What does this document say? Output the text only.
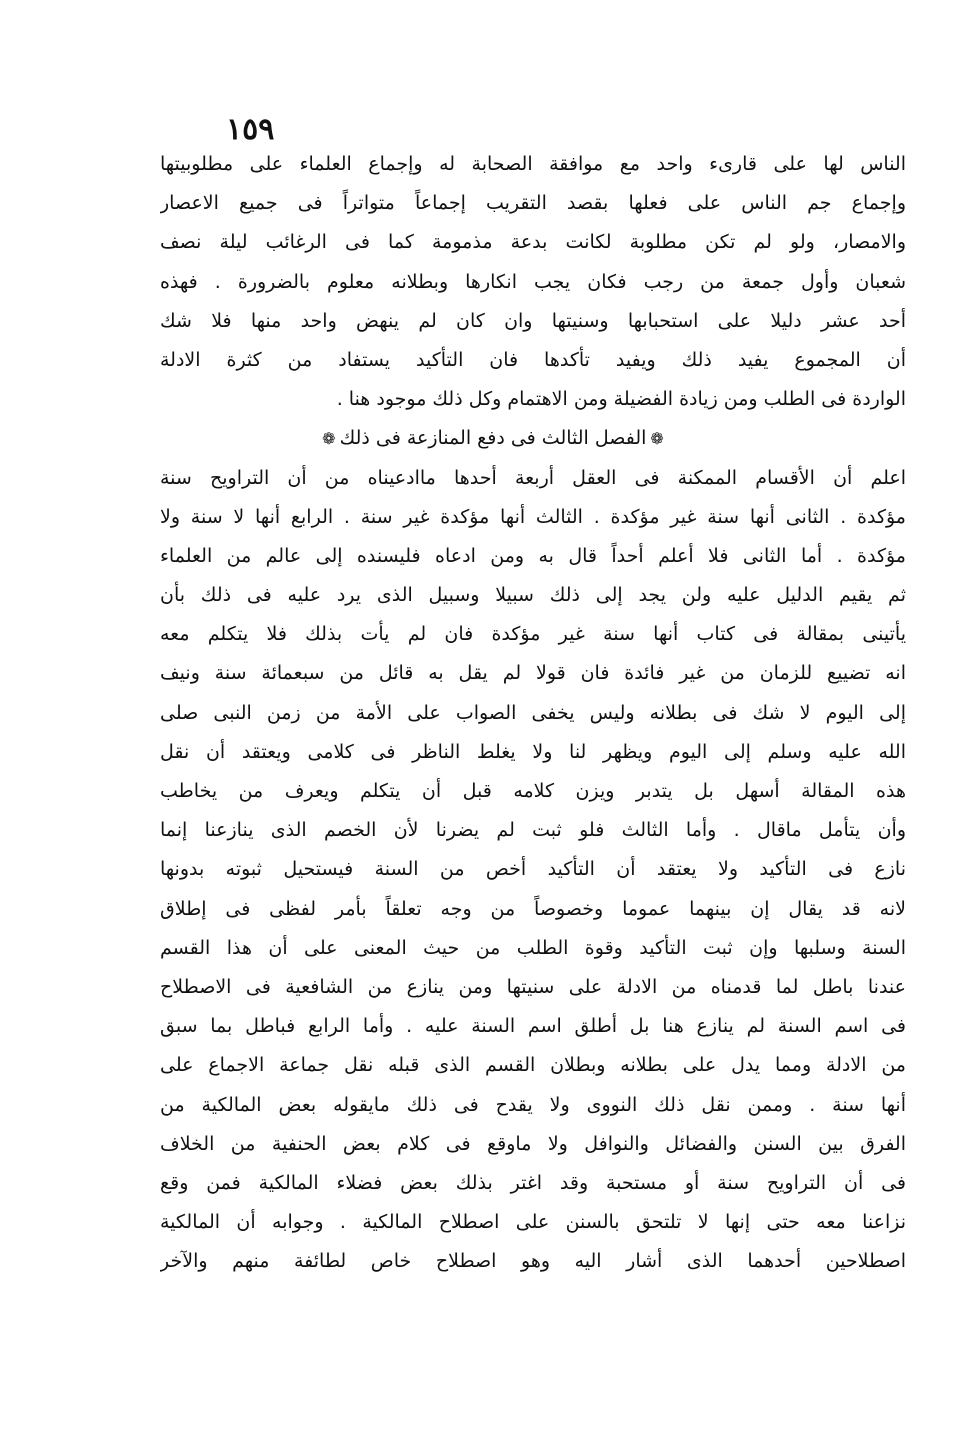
١٥٩
الناس لها على قارىء واحد مع موافقة الصحابة له وإجماع العلماء على مطلوبيتها
وإجماع جم الناس على فعلها بقصد التقريب إجماعاً متواتراً فى جميع الاعصار
والامصار، ولو لم تكن مطلوبة لكانت بدعة مذمومة كما فى الرغائب ليلة نصف
شعبان وأول جمعة من رجب فكان يجب انكارها وبطلانه معلوم بالضرورة . فهذه
أحد عشر دليلا على استحبابها وسنيتها وان كان لم ينهض واحد منها فلا شك
أن المجموع يفيد ذلك ويفيد تأكدها فان التأكيد يستفاد من كثرة الادلة
الواردة فى الطلب ومن زيادة الفضيلة ومن الاهتمام وكل ذلك موجود هنا .
❁الفصل الثالث فى دفع المنازعة فى ذلك❁
اعلم أن الأقسام الممكنة فى العقل أربعة أحدها ماادعيناه من أن التراويح سنة
مؤكدة . الثانى أنها سنة غير مؤكدة . الثالث أنها مؤكدة غير سنة . الرابع أنها لا سنة ولا
مؤكدة . أما الثانى فلا أعلم أحداً قال به ومن ادعاه فليسنده إلى عالم من العلماء
ثم يقيم الدليل عليه ولن يجد إلى ذلك سبيلا وسبيل الذى يرد عليه فى ذلك بأن
يأتينى بمقالة فى كتاب أنها سنة غير مؤكدة فان لم يأت بذلك فلا يتكلم معه
انه تضييع للزمان من غير فائدة فان قولا لم يقل به قائل من سبعمائة سنة ونيف
إلى اليوم لا شك فى بطلانه وليس يخفى الصواب على الأمة من زمن النبى صلى
الله عليه وسلم إلى اليوم ويظهر لنا ولا يغلط الناظر فى كلامى ويعتقد أن نقل
هذه المقالة أسهل بل يتدبر ويزن كلامه قبل أن يتكلم ويعرف من يخاطب
وأن يتأمل ماقال . وأما الثالث فلو ثبت لم يضرنا لأن الخصم الذى ينازعنا إنما
نازع فى التأكيد ولا يعتقد أن التأكيد أخص من السنة فيستحيل ثبوته بدونها
لانه قد يقال إن بينهما عموما وخصوصاً من وجه تعلقاً بأمر لفظى فى إطلاق
السنة وسلبها وإن ثبت التأكيد وقوة الطلب من حيث المعنى على أن هذا القسم
عندنا باطل لما قدمناه من الادلة على سنيتها ومن ينازع من الشافعية فى الاصطلاح
فى اسم السنة لم ينازع هنا بل أطلق اسم السنة عليه . وأما الرابع فباطل بما سبق
من الادلة ومما يدل على بطلانه وبطلان القسم الذى قبله نقل جماعة الاجماع على
أنها سنة . وممن نقل ذلك النووى ولا يقدح فى ذلك مايقوله بعض المالكية من
الفرق بين السنن والفضائل والنوافل ولا ماوقع فى كلام بعض الحنفية من الخلاف
فى أن التراويح سنة أو مستحبة وقد اغتر بذلك بعض فضلاء المالكية فمن وقع
نزاعنا معه حتى إنها لا تلتحق بالسنن على اصطلاح المالكية . وجوابه أن المالكية
اصطلاحين أحدهما الذى أشار اليه وهو اصطلاح خاص لطائفة منهم والآخر
